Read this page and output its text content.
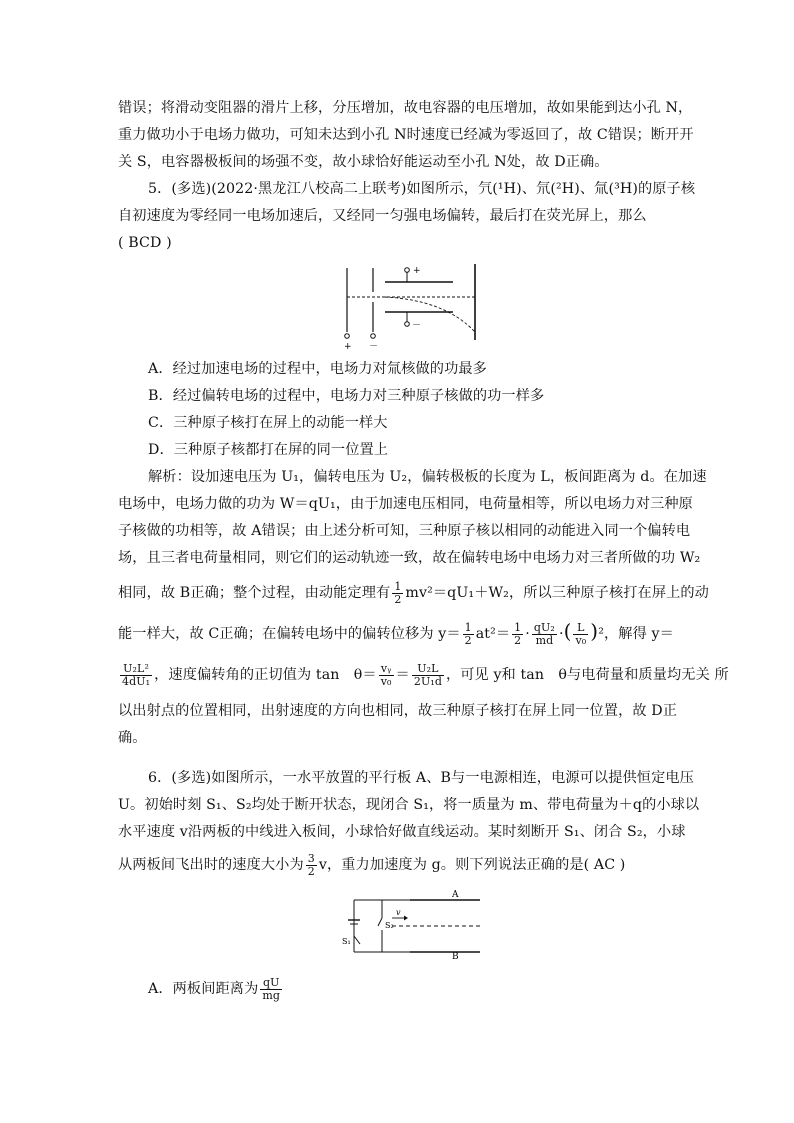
错误；将滑动变阻器的滑片上移，分压增加，故电容器的电压增加，故如果能到达小孔 N，
重力做功小于电场力做功，可知未达到小孔 N时速度已经减为零返回了，故 C错误；断开开
关 S，电容器极板间的场强不变，故小球恰好能运动至小孔 N处，故 D正确。
5．(多选)(2022·黑龙江八校高二上联考)如图所示，氕(¹H)、氘(²H)、氚(³H)的原子核
自初速度为零经同一电场加速后，又经同一匀强电场偏转，最后打在荧光屏上，那么
( BCD )
+ －
+
－
A．经过加速电场的过程中，电场力对氚核做的功最多
B．经过偏转电场的过程中，电场力对三种原子核做的功一样多
C．三种原子核打在屏上的动能一样大
D．三种原子核都打在屏的同一位置上
解析：设加速电压为 U₁，偏转电压为 U₂，偏转极板的长度为 L，板间距离为 d。在加速
电场中，电场力做的功为 W＝qU₁，由于加速电压相同，电荷量相等，所以电场力对三种原
子核做的功相等，故 A错误；由上述分析可知，三种原子核以相同的动能进入同一个偏转电
场，且三者电荷量相同，则它们的运动轨迹一致，故在偏转电场中电场力对三者所做的功 W₂
相同，故 B正确；整个过程，由动能定理有 $\frac{1}{2} mv^2=qU_1+W_2$，所以三种原子核打在屏上的动
能一样大，故 C正确；在偏转电场中的偏转位移为 $y= \frac{1}{2} at^2= \frac{1}{2} \cdot \frac{\text{qU₂}}{md}$ ·( $\frac{L}{\text{v₀}} )^2$，解得 y＝
$\frac{\text{U₂L²}}{\text{4dU₁}}$ ，速度偏转角的正切值为 tan　$\theta= \frac{\text{vᵧ}}{\text{v₀}} = \frac{\text{U₂L}}{\text{2U₁d}}$ ，可见 y和 tan　θ与电荷量和质量均无关 所
以出射点的位置相同，出射速度的方向也相同，故三种原子核打在屏上同一位置，故 D正
确。
6．(多选)如图所示，一水平放置的平行板 A、B与一电源相连，电源可以提供恒定电压
U。初始时刻 S₁、S₂均处于断开状态，现闭合 S₁，将一质量为 m、带电荷量为＋q的小球以
水平速度 v沿两板的中线进入板间，小球恰好做直线运动。某时刻断开 S₁、闭合 S₂，小球
从两板间飞出时的速度大小为 $\frac{3}{2}$ v，重力加速度为 g。则下列说法正确的是( AC )
S₁
S₂
A
B
v
A．两板间距离为 $\frac{qU}{mg}$
